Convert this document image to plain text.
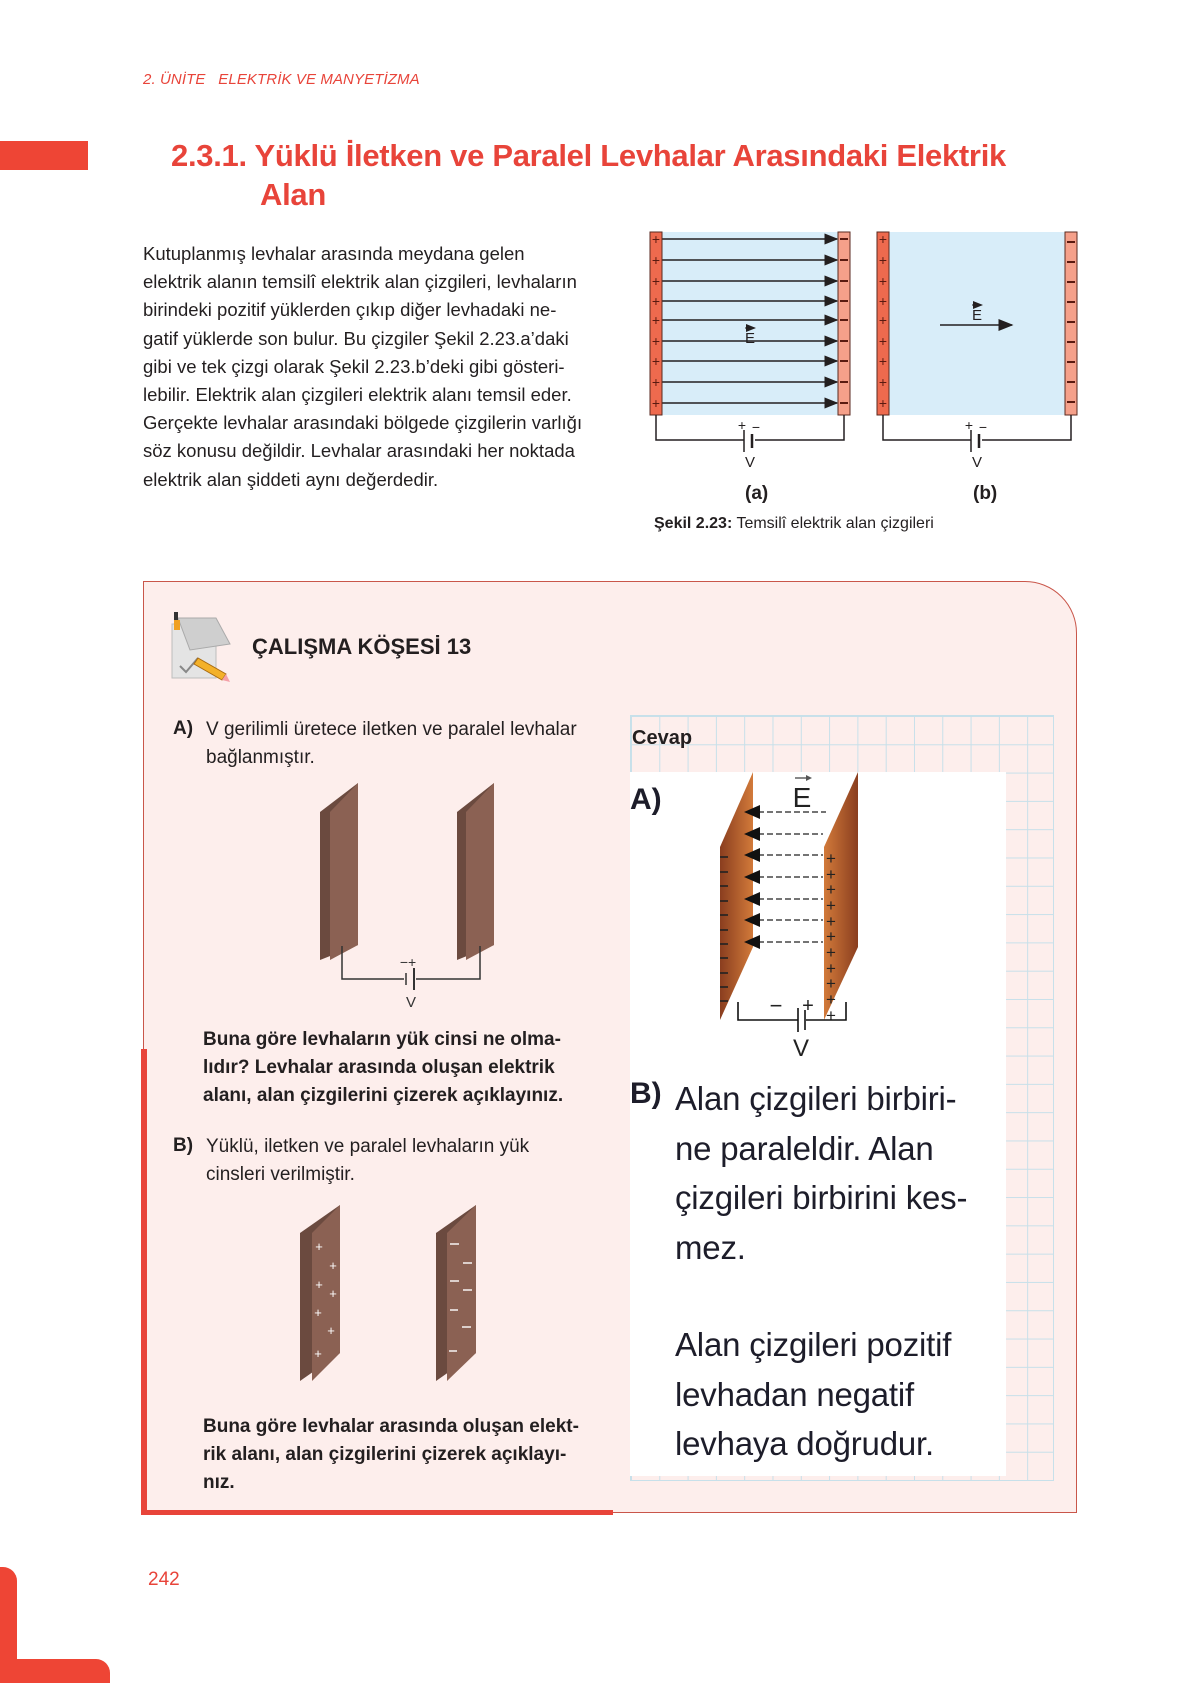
2. ÜNİTE   ELEKTRİK VE MANYETİZMA
2.3.1. Yüklü İletken ve Paralel Levhalar Arasındaki Elektrik
Alan
Kutuplanmış levhalar arasında meydana gelen
elektrik alanın temsilî elektrik alan çizgileri, levhaların
birindeki pozitif yüklerden çıkıp diğer levhadaki ne-
gatif yüklerde son bulur. Bu çizgiler Şekil 2.23.a’daki
gibi ve tek çizgi olarak Şekil 2.23.b’deki gibi gösteri-
lebilir. Elektrik alan çizgileri elektrik alanı temsil eder.
Gerçekte levhalar arasındaki bölgede çizgilerin varlığı
söz konusu değildir. Levhalar arasındaki her noktada
elektrik alan şiddeti aynı değerdedir.
+
+
+
+
+
+
+
+
+
E
+ −
V
+
+
+
+
+
+
+
+
+
E
+ −
V
(a)	(b)
Şekil 2.23: Temsilî elektrik alan çizgileri
ÇALIŞMA KÖŞESİ 13
A) V gerilimli üretece iletken ve paralel levhalar
bağlanmıştır.
−+
V
Buna göre levhaların yük cinsi ne olma-
lıdır? Levhalar arasında oluşan elektrik
alanı, alan çizgilerini çizerek açıklayınız.
B) Yüklü, iletken ve paralel levhaların yük
cinsleri verilmiştir.
+
+
+
+
+
+
+
Buna göre levhalar arasında oluşan elekt-
rik alanı, alan çizgilerini çizerek açıklayı-
nız.
Cevap
A)
+
+
+
+
+
+
+
+
+
+
+
E
− +
V
B) Alan çizgileri birbiri-
ne paraleldir. Alan
çizgileri birbirini kes-
mez.
Alan çizgileri pozitif
levhadan negatif
levhaya doğrudur.
242
